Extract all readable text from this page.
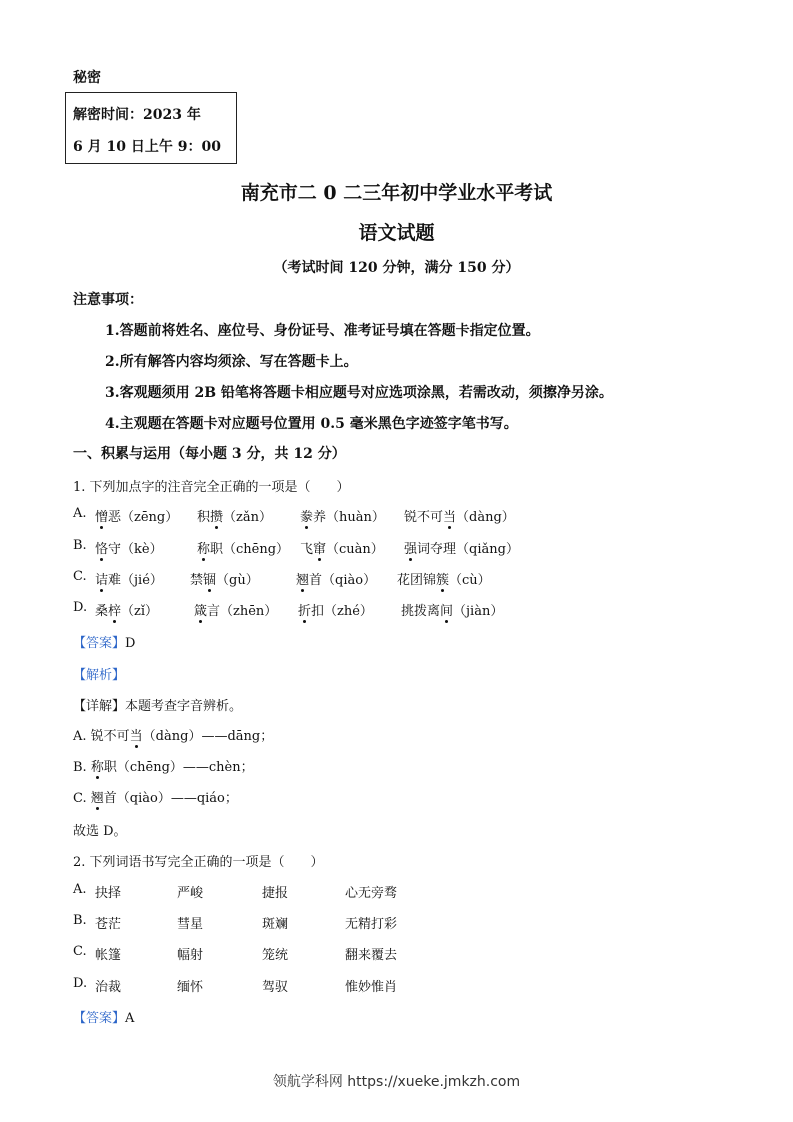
秘密
解密时间：2023 年
6 月 10 日上午 9：00
南充市二 0 二三年初中学业水平考试
语文试题
（考试时间 120 分钟，满分 150 分）
注意事项：
1.答题前将姓名、座位号、身份证号、准考证号填在答题卡指定位置。
2.所有解答内容均须涂、写在答题卡上。
3.客观题须用 2B 铅笔将答题卡相应题号对应选项涂黑，若需改动，须擦净另涂。
4.主观题在答题卡对应题号位置用 0.5 毫米黑色字迹签字笔书写。
一、积累与运用（每小题 3 分，共 12 分）
1. 下列加点字的注音完全正确的一项是（　　）
A. 憎恶（zēng） 积攒（zǎn） 豢养（huàn） 锐不可当（dàng）
B. 恪守（kè）	称职（chēng） 飞窜（cuàn） 强词夺理（qiǎng）
C. 诘难（jié） 禁锢（gù）	翘首（qiào） 花团锦簇（cù）
D. 桑梓（zǐ）	箴言（zhēn） 折扣（zhé） 挑拨离间（jiàn）
【答案】D
【解析】
【详解】本题考查字音辨析。
A. 锐不可当（dàng）——dāng；
B. 称职（chēng）——chèn；
C. 翘首（qiào）——qiáo；
故选 D。
2. 下列词语书写完全正确的一项是（　　）
A. 抉择	严峻	捷报	心无旁骛
B. 苍茫	彗星	斑斓	无精打彩
C. 帐篷	幅射	笼统	翻来覆去
D. 治裁	缅怀	驾驭	惟妙惟肖
【答案】A
领航学科网 https://xueke.jmkzh.com
